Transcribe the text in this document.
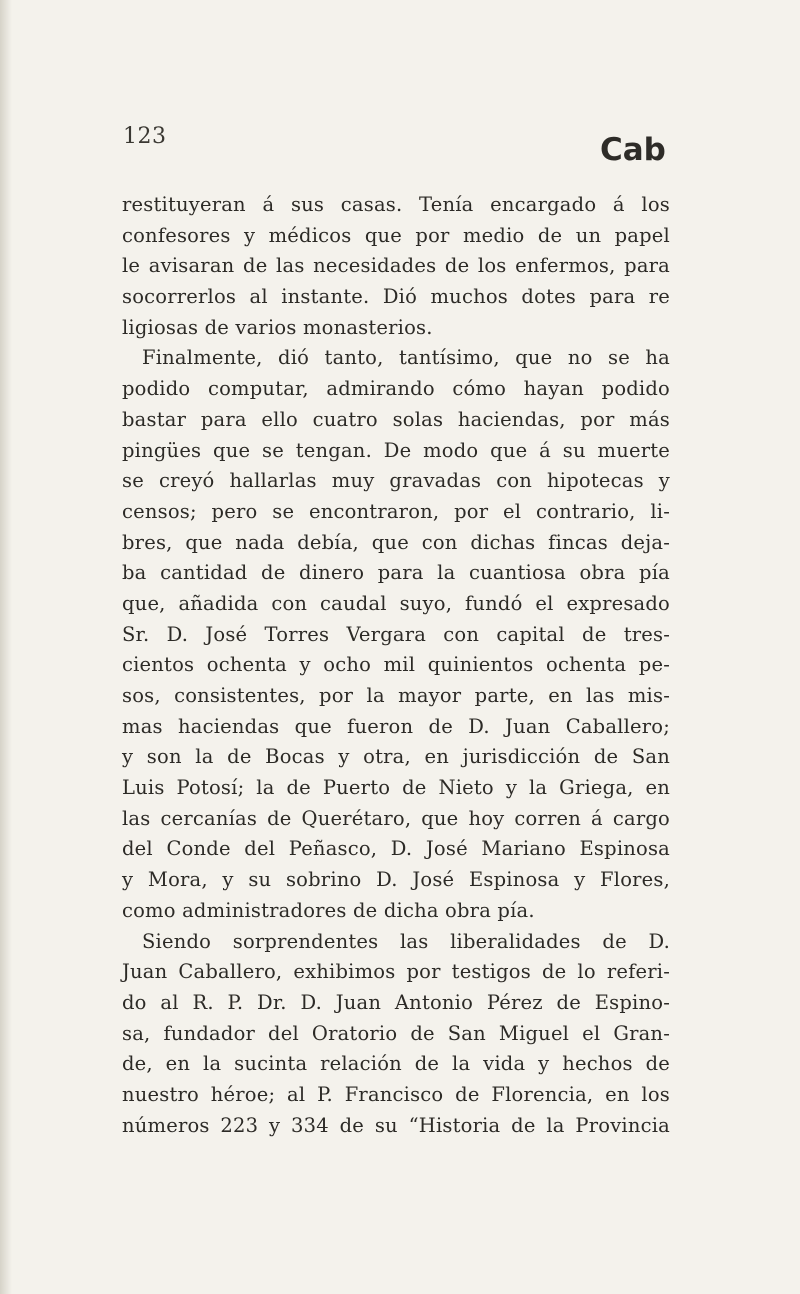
123	Cab
restituyeran á sus casas. Tenía encargado á los
confesores y médicos que por medio de un papel
le avisaran de las necesidades de los enfermos, para
socorrerlos al instante. Dió muchos dotes para re
ligiosas de varios monasterios.
Finalmente, dió tanto, tantísimo, que no se ha
podido computar, admirando cómo hayan podido
bastar para ello cuatro solas haciendas, por más
pingües que se tengan. De modo que á su muerte
se creyó hallarlas muy gravadas con hipotecas y
censos; pero se encontraron, por el contrario, li-
bres, que nada debía, que con dichas fincas deja-
ba cantidad de dinero para la cuantiosa obra pía
que, añadida con caudal suyo, fundó el expresado
Sr. D. José Torres Vergara con capital de tres-
cientos ochenta y ocho mil quinientos ochenta pe-
sos, consistentes, por la mayor parte, en las mis-
mas haciendas que fueron de D. Juan Caballero;
y son la de Bocas y otra, en jurisdicción de San
Luis Potosí; la de Puerto de Nieto y la Griega, en
las cercanías de Querétaro, que hoy corren á cargo
del Conde del Peñasco, D. José Mariano Espinosa
y Mora, y su sobrino D. José Espinosa y Flores,
como administradores de dicha obra pía.
Siendo sorprendentes las liberalidades de D.
Juan Caballero, exhibimos por testigos de lo referi-
do al R. P. Dr. D. Juan Antonio Pérez de Espino-
sa, fundador del Oratorio de San Miguel el Gran-
de, en la sucinta relación de la vida y hechos de
nuestro héroe; al P. Francisco de Florencia, en los
números 223 y 334 de su “Historia de la Provincia
